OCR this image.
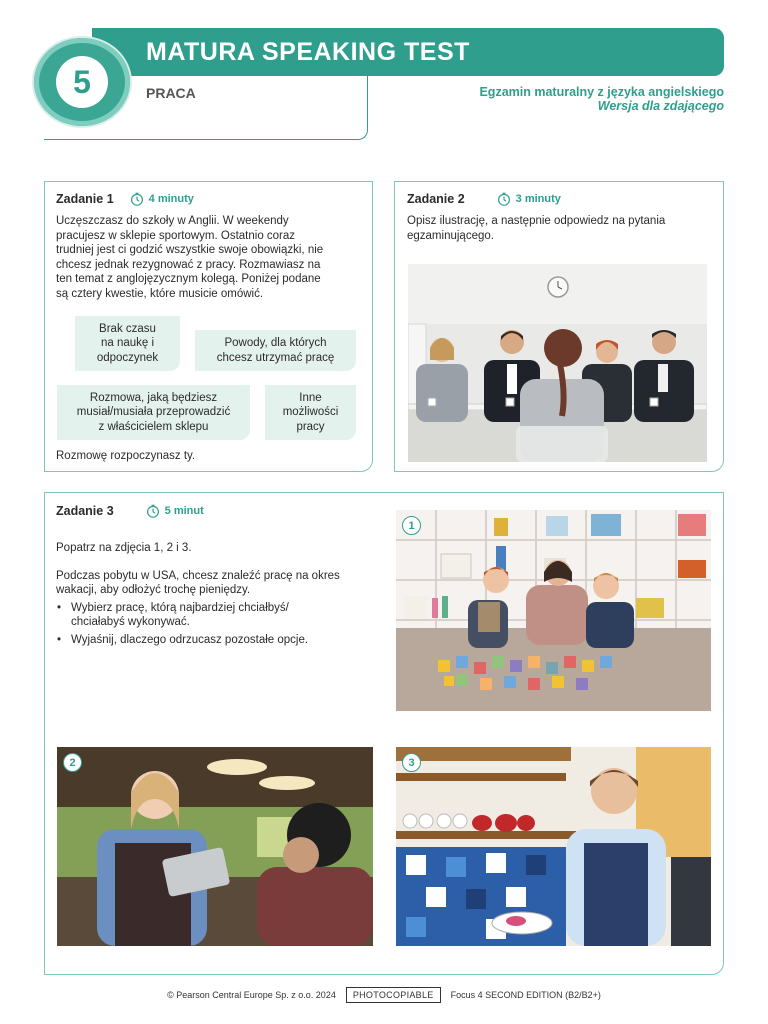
MATURA SPEAKING TEST
5	PRACA	Egzamin maturalny z języka angielskiego
Wersja dla zdającego
Zadanie 1	4 minuty
Uczęszczasz do szkoły w Anglii. W weekendy
pracujesz w sklepie sportowym. Ostatnio coraz
trudniej jest ci godzić wszystkie swoje obowiązki, nie
chcesz jednak rezygnować z pracy. Rozmawiasz na
ten temat z anglojęzycznym kolegą. Poniżej podane
są cztery kwestie, które musicie omówić.
Brak czasu
na naukę i
odpoczynek
Powody, dla których
chcesz utrzymać pracę
Rozmowa, jaką będziesz
musiał/musiała przeprowadzić
z właścicielem sklepu
Inne
możliwości
pracy
Rozmowę rozpoczynasz ty.
Zadanie 2	3 minuty
Opisz ilustrację, a następnie odpowiedz na pytania
egzaminującego.
Zadanie 3	5 minut
Popatrz na zdjęcia 1, 2 i 3.
Podczas pobytu w USA, chcesz znaleźć pracę na okres
wakacji, aby odłożyć trochę pieniędzy.
• Wybierz pracę, którą najbardziej chciałbyś/
chciałabyś wykonywać.
• Wyjaśnij, dlaczego odrzucasz pozostałe opcje.
1
2	3
© Pearson Central Europe Sp. z o.o. 2024	PHOTOCOPIABLE	Focus 4 SECOND EDITION (B2/B2+)
